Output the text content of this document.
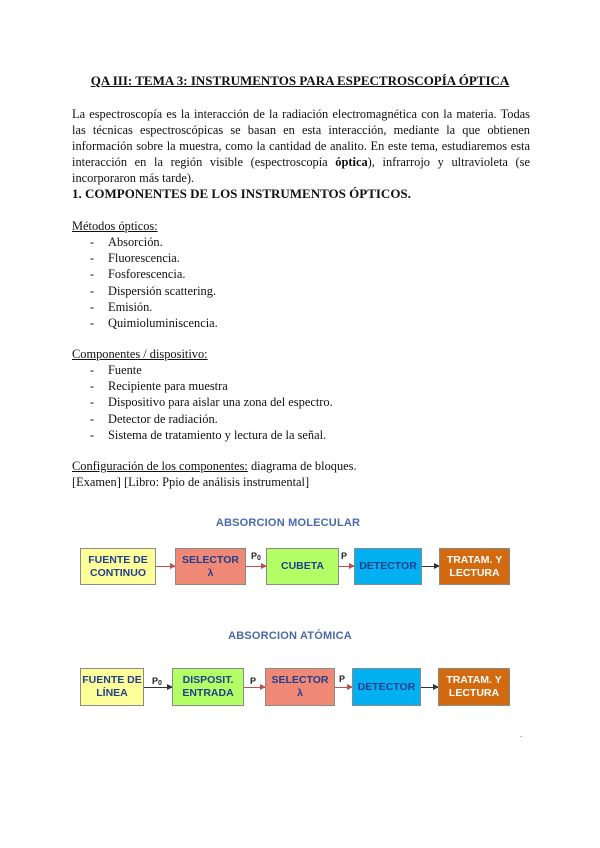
QA III: TEMA 3: INSTRUMENTOS PARA ESPECTROSCOPÍA ÓPTICA

La espectroscopía es la interacción de la radiación electromagnética con la materia. Todas las técnicas espectroscópicas se basan en esta interacción, mediante la que obtienen información sobre la muestra, como la cantidad de analito. En este tema, estudiaremos esta interacción en la región visible (espectroscopía óptica), infrarrojo y ultravioleta (se incorporaron más tarde).

1. COMPONENTES DE LOS INSTRUMENTOS ÓPTICOS.
Métodos ópticos:
- Absorción.
- Fluorescencia.
- Fosforescencia.
- Dispersión scattering.
- Emisión.
- Quimioluminiscencia.
Componentes / dispositivo:
- Fuente
- Recipiente para muestra
- Dispositivo para aislar una zona del espectro.
- Detector de radiación.
- Sistema de tratamiento y lectura de la señal.
Configuración de los componentes: diagrama de bloques.
[Examen] [Libro: Ppio de análisis instrumental]
ABSORCION MOLECULAR
FUENTE DE CONTINUO
SELECTOR
λ
P0
CUBETA
P
DETECTOR
TRATAM. Y LECTURA
ABSORCION ATÓMICA
FUENTE DE LÍNEA
P0	DISPOSIT. ENTRADA
P SELECTOR
λ
P
DETECTOR
TRATAM. Y LECTURA
.
